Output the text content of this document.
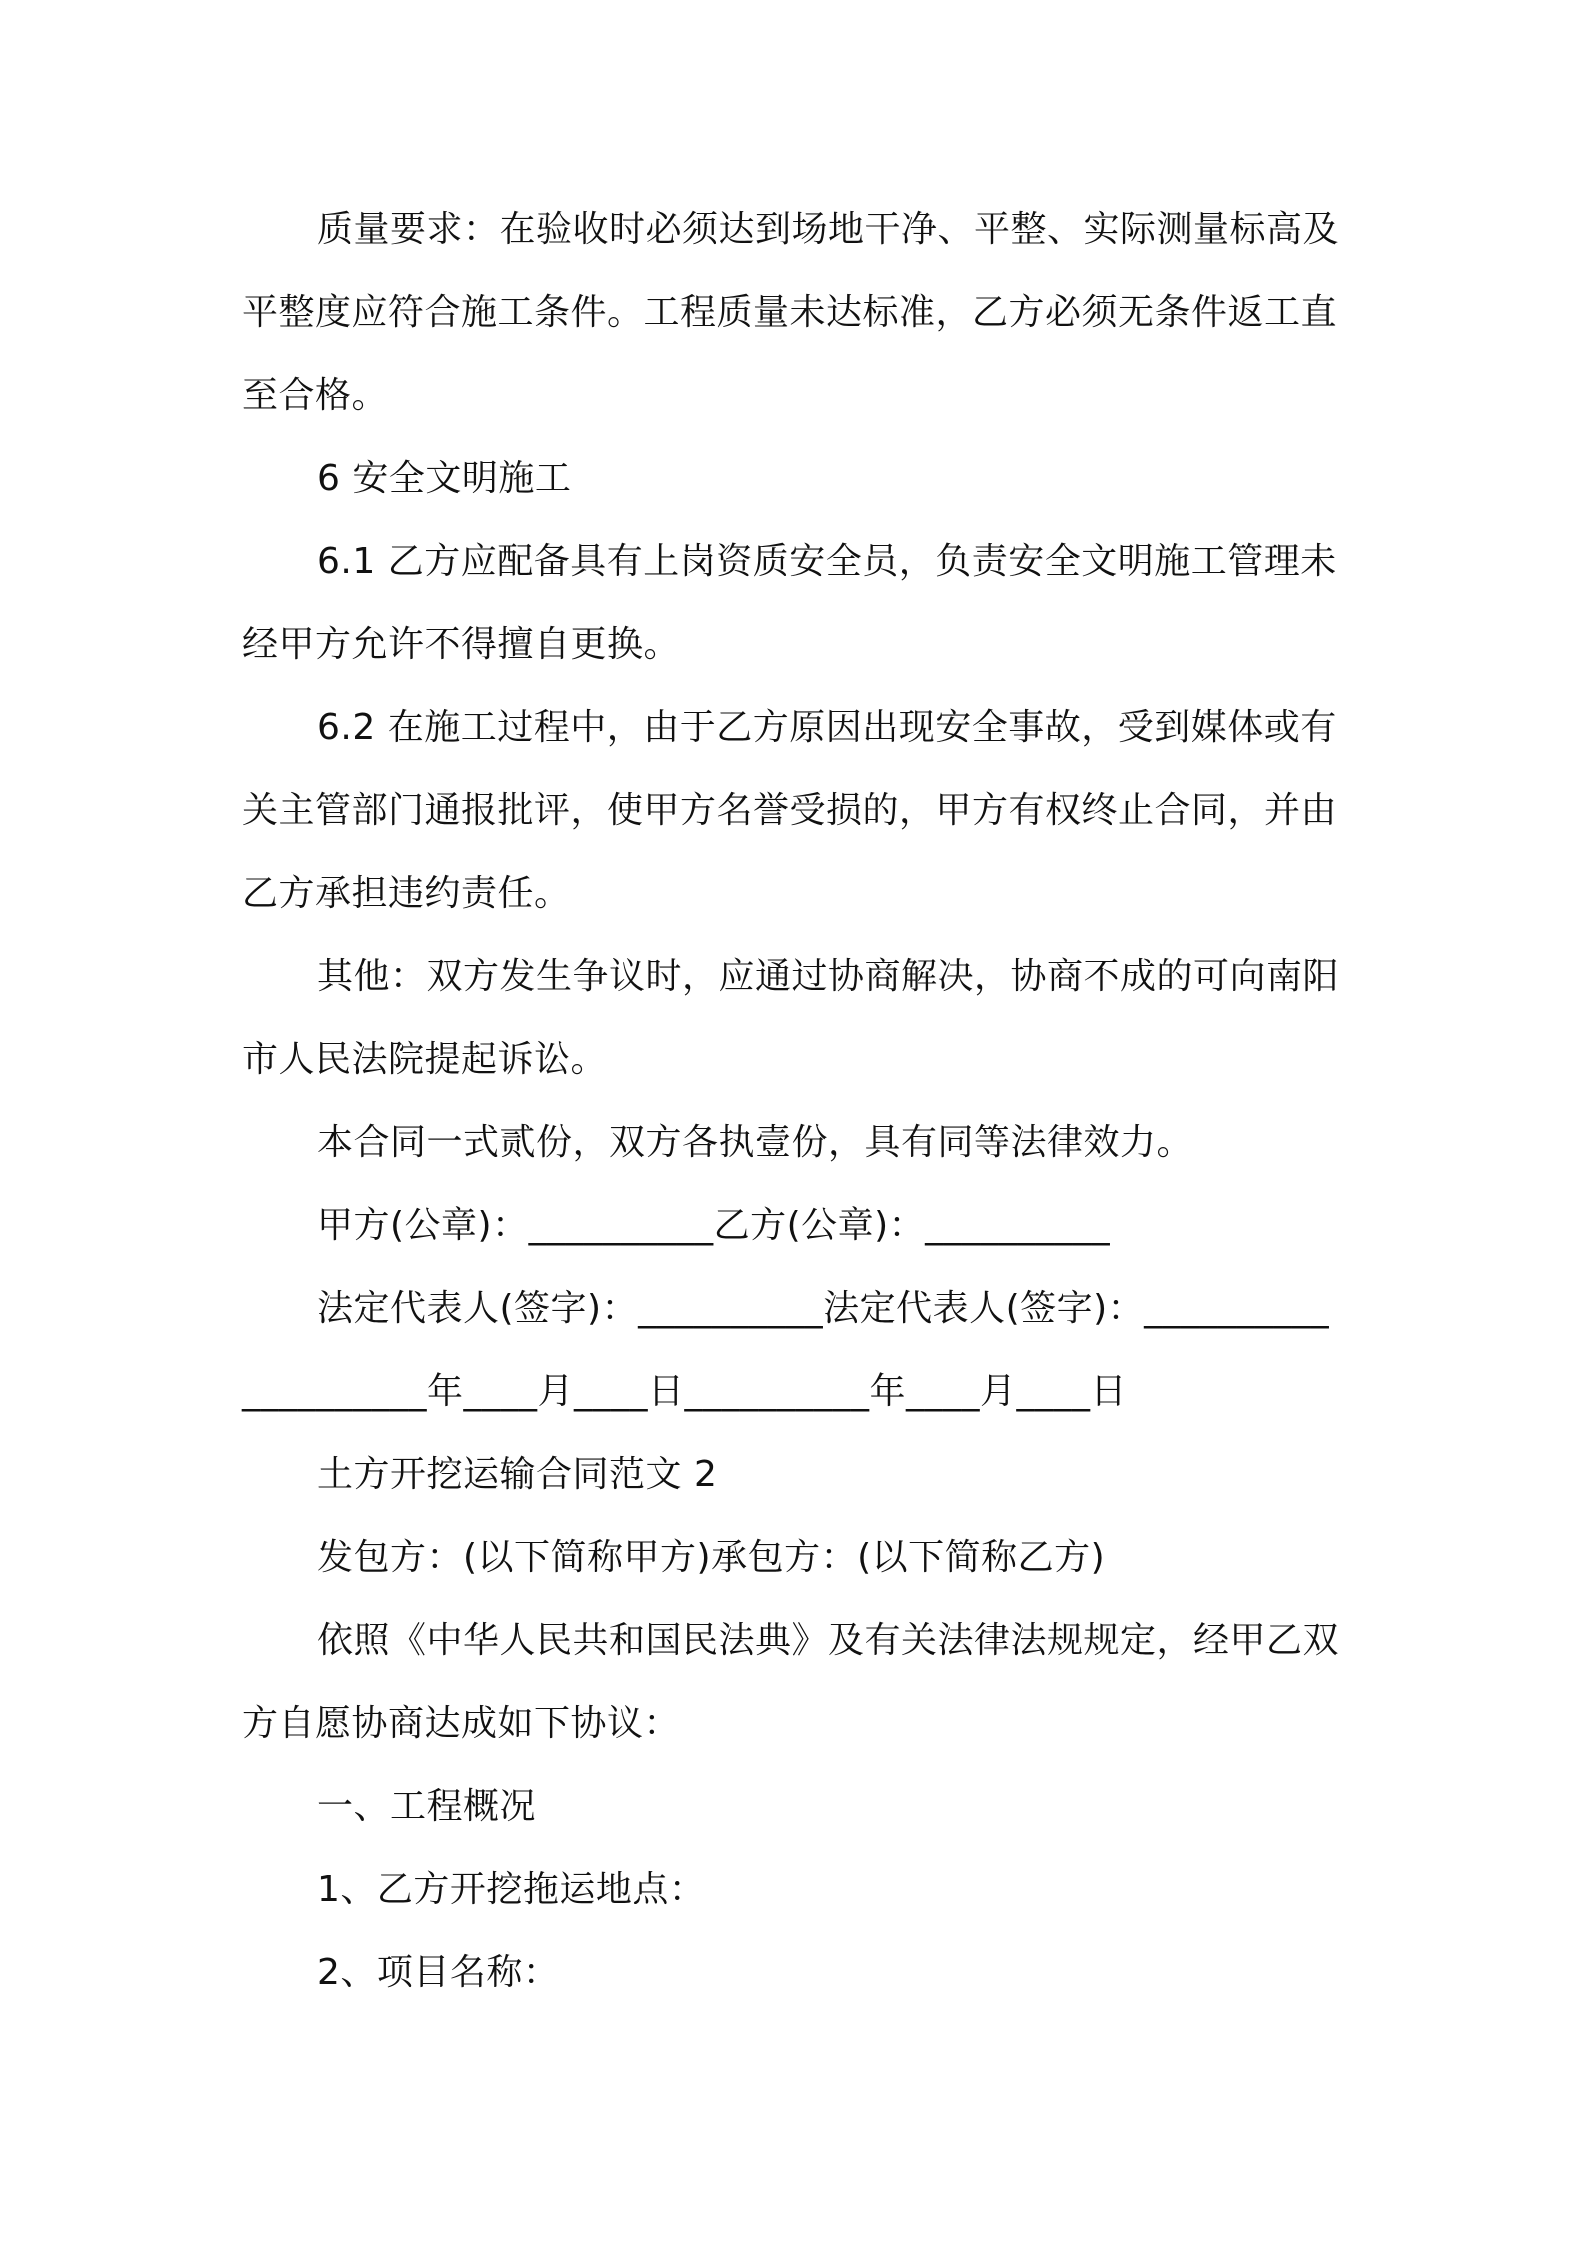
质量要求：在验收时必须达到场地干净、平整、实际测量标高及
平整度应符合施工条件。工程质量未达标准，乙方必须无条件返工直
至合格。
6 安全文明施工
6.1 乙方应配备具有上岗资质安全员，负责安全文明施工管理未
经甲方允许不得擅自更换。
6.2 在施工过程中，由于乙方原因出现安全事故，受到媒体或有
关主管部门通报批评，使甲方名誉受损的，甲方有权终止合同，并由
乙方承担违约责任。
其他：双方发生争议时，应通过协商解决，协商不成的可向南阳
市人民法院提起诉讼。
本合同一式贰份，双方各执壹份，具有同等法律效力。
甲方(公章)：__________乙方(公章)：__________
法定代表人(签字)：__________法定代表人(签字)：__________
__________年____月____日__________年____月____日
土方开挖运输合同范文 2
发包方：(以下简称甲方)承包方：(以下简称乙方)
依照《中华人民共和国民法典》及有关法律法规规定，经甲乙双
方自愿协商达成如下协议：
一、工程概况
1、乙方开挖拖运地点：
2、项目名称：
